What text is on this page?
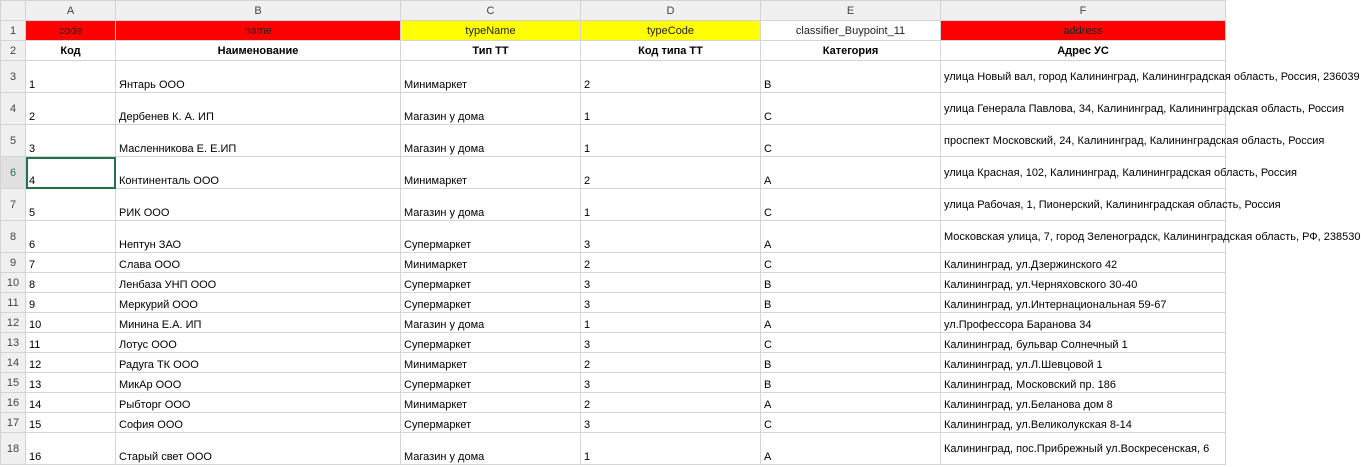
	A	B	C	D	E	F
1	code	name	typeName	typeCode	classifier_Buypoint_11	address
2	Код	Наименование	Тип ТТ	Код типа ТТ	Категория	Адрес УС
3	1	Янтарь ООО	Минимаркет	2	B	улица Новый вал, город Калининград, Калининградская область, Россия, 236039
4	2	Дербенев К. А. ИП	Магазин у дома	1	C	улица Генерала Павлова, 34, Калининград, Калининградская область, Россия
5	3	Масленникова Е. Е.ИП	Магазин у дома	1	C	проспект Московский, 24, Калининград, Калининградская область, Россия
6	4	Континенталь ООО	Минимаркет	2	A	улица Красная, 102, Калининград, Калининградская область, Россия
7	5	РИК ООО	Магазин у дома	1	C	улица Рабочая, 1, Пионерский, Калининградская область, Россия
8	6	Нептун ЗАО	Супермаркет	3	A	Московская улица, 7, город Зеленоградск, Калининградская область, РФ, 238530
9	7	Слава ООО	Минимаркет	2	C	Калининград, ул.Дзержинского 42
10	8	Ленбаза УНП ООО	Супермаркет	3	B	Калининград, ул.Черняховского 30-40
11	9	Меркурий ООО	Супермаркет	3	B	Калининград, ул.Интернациональная 59-67
12	10	Минина Е.А. ИП	Магазин у дома	1	A	ул.Профессора Баранова 34
13	11	Лотус ООО	Супермаркет	3	C	Калининград, бульвар Солнечный 1
14	12	Радуга ТК ООО	Минимаркет	2	B	Калининград, ул.Л.Шевцовой 1
15	13	МикАр ООО	Супермаркет	3	B	Калининград, Московский пр. 186
16	14	Рыбторг ООО	Минимаркет	2	A	Калининград, ул.Беланова дом 8
17	15	София ООО	Супермаркет	3	C	Калининград, ул.Великолукская 8-14
18	16	Старый свет ООО	Магазин у дома	1	A	Калининград, пос.Прибрежный ул.Воскресенская, 6
